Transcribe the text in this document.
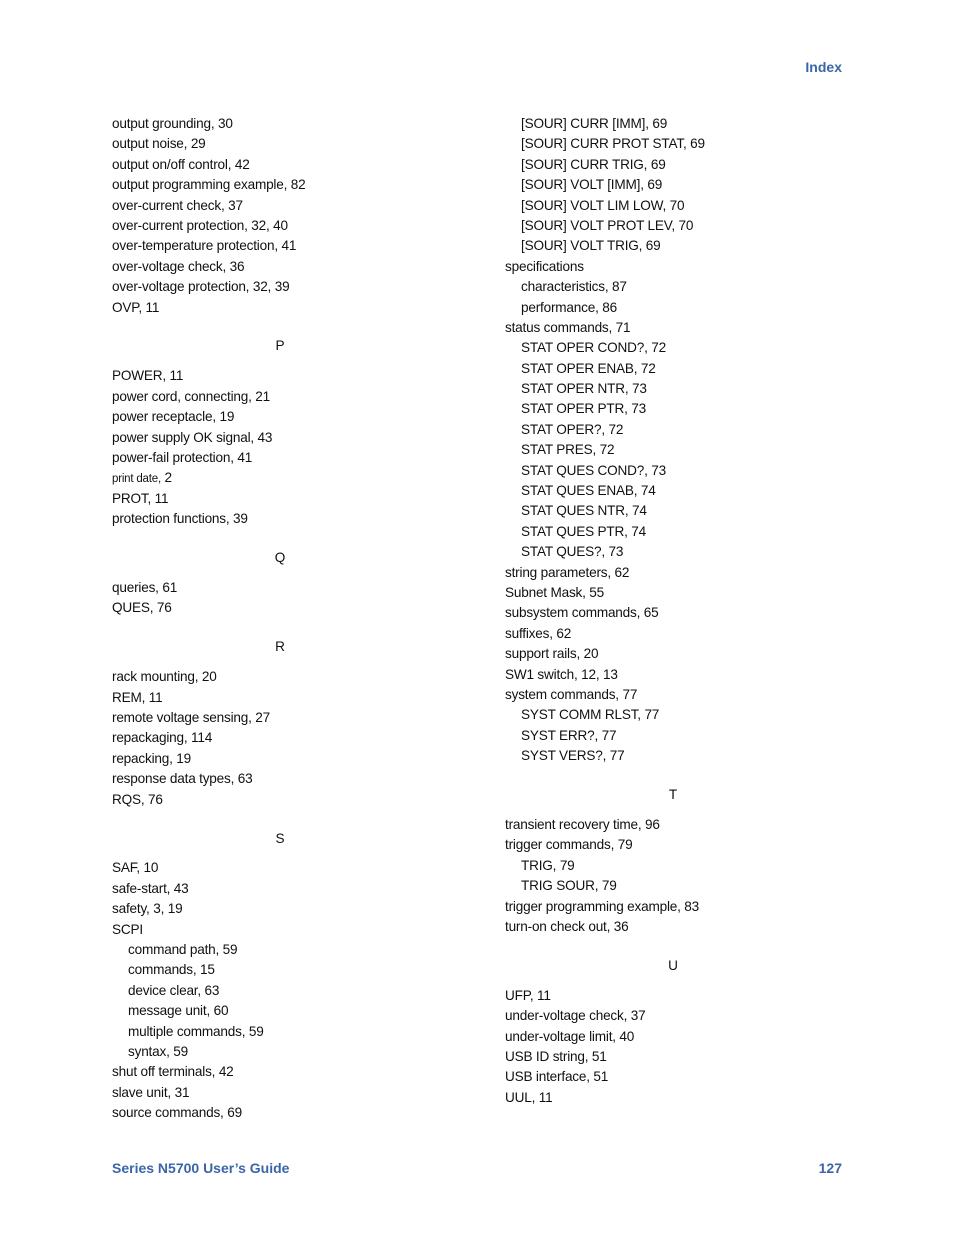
Index
output grounding, 30
output noise, 29
output on/off control, 42
output programming example, 82
over-current check, 37
over-current protection, 32, 40
over-temperature protection, 41
over-voltage check, 36
over-voltage protection, 32, 39
OVP, 11
P
POWER, 11
power cord, connecting, 21
power receptacle, 19
power supply OK signal, 43
power-fail protection, 41
print date, 2
PROT, 11
protection functions, 39
Q
queries, 61
QUES, 76
R
rack mounting, 20
REM, 11
remote voltage sensing, 27
repackaging, 114
repacking, 19
response data types, 63
RQS, 76
S
SAF, 10
safe-start, 43
safety, 3, 19
SCPI
command path, 59
commands, 15
device clear, 63
message unit, 60
multiple commands, 59
syntax, 59
shut off terminals, 42
slave unit, 31
source commands, 69
[SOUR] CURR [IMM], 69
[SOUR] CURR PROT STAT, 69
[SOUR] CURR TRIG, 69
[SOUR] VOLT [IMM], 69
[SOUR] VOLT LIM LOW, 70
[SOUR] VOLT PROT LEV, 70
[SOUR] VOLT TRIG, 69
specifications
characteristics, 87
performance, 86
status commands, 71
STAT OPER COND?, 72
STAT OPER ENAB, 72
STAT OPER NTR, 73
STAT OPER PTR, 73
STAT OPER?, 72
STAT PRES, 72
STAT QUES COND?, 73
STAT QUES ENAB, 74
STAT QUES NTR, 74
STAT QUES PTR, 74
STAT QUES?, 73
string parameters, 62
Subnet Mask, 55
subsystem commands, 65
suffixes, 62
support rails, 20
SW1 switch, 12, 13
system commands, 77
SYST COMM RLST, 77
SYST ERR?, 77
SYST VERS?, 77
T
transient recovery time, 96
trigger commands, 79
TRIG, 79
TRIG SOUR, 79
trigger programming example, 83
turn-on check out, 36
U
UFP, 11
under-voltage check, 37
under-voltage limit, 40
USB ID string, 51
USB interface, 51
UUL, 11
Series N5700 User’s Guide	127
